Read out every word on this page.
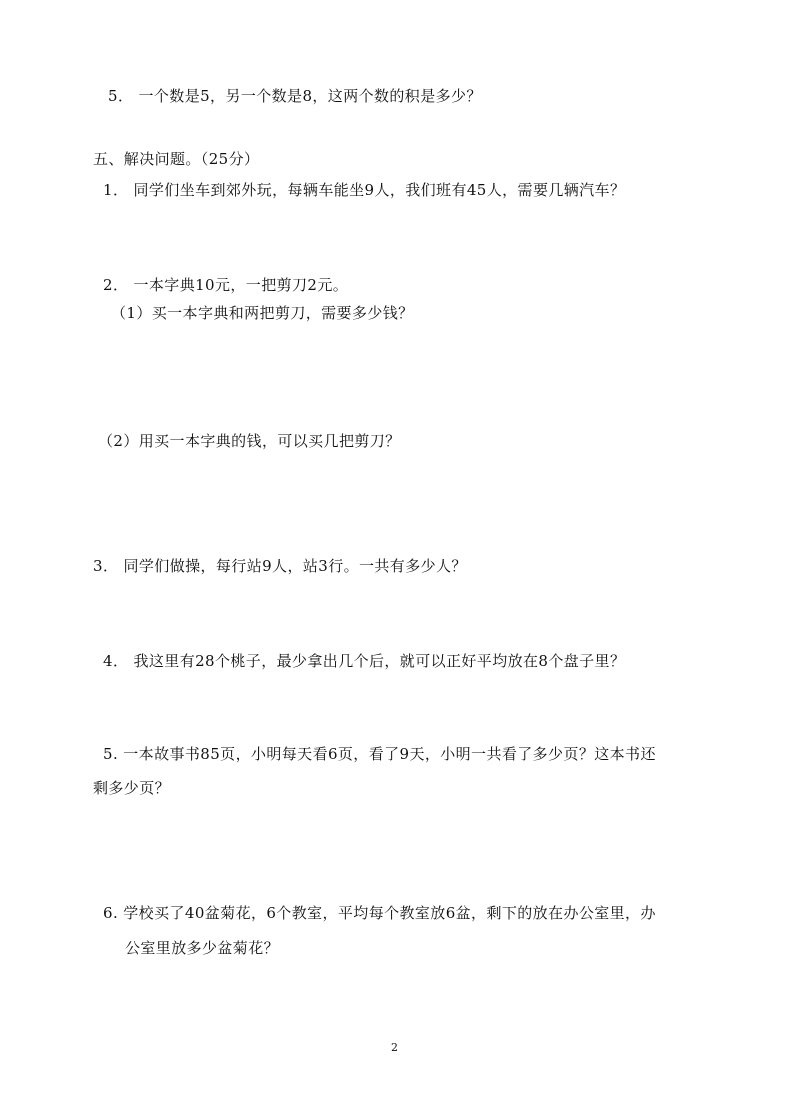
5． 一个数是5，另一个数是8，这两个数的积是多少？
五、解决问题。（25分）
1． 同学们坐车到郊外玩，每辆车能坐9人，我们班有45人，需要几辆汽车？
2． 一本字典10元，一把剪刀2元。
（1）买一本字典和两把剪刀，需要多少钱？
（2）用买一本字典的钱，可以买几把剪刀？
3． 同学们做操，每行站9人，站3行。一共有多少人？
4． 我这里有28个桃子，最少拿出几个后，就可以正好平均放在8个盘子里？
5. 一本故事书85页，小明每天看6页，看了9天，小明一共看了多少页？这本书还
剩多少页？
6. 学校买了40盆菊花，6个教室，平均每个教室放6盆，剩下的放在办公室里，办
公室里放多少盆菊花？
2
